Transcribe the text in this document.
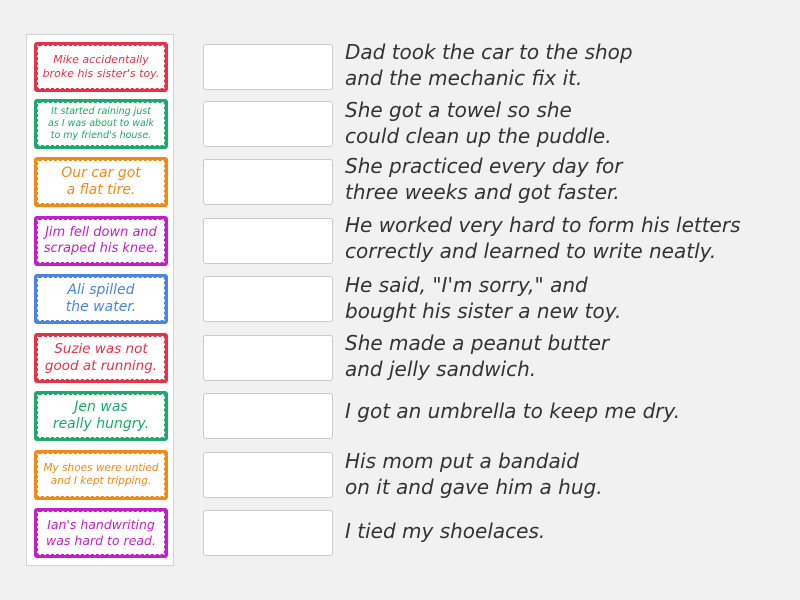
Mike accidentally
broke his sister's toy.
It started raining just
as I was about to walk
to my friend's house.
Our car got
a flat tire.
Jim fell down and
scraped his knee.
Ali spilled
the water.
Suzie was not
good at running.
Jen was
really hungry.
My shoes were untied
and I kept tripping.
Ian's handwriting
was hard to read.
Dad took the car to the shop
and the mechanic fix it.
She got a towel so she
could clean up the puddle.
She practiced every day for
three weeks and got faster.
He worked very hard to form his letters
correctly and learned to write neatly.
He said, "I'm sorry," and
bought his sister a new toy.
She made a peanut butter
and jelly sandwich.
I got an umbrella to keep me dry.
His mom put a bandaid
on it and gave him a hug.
I tied my shoelaces.
